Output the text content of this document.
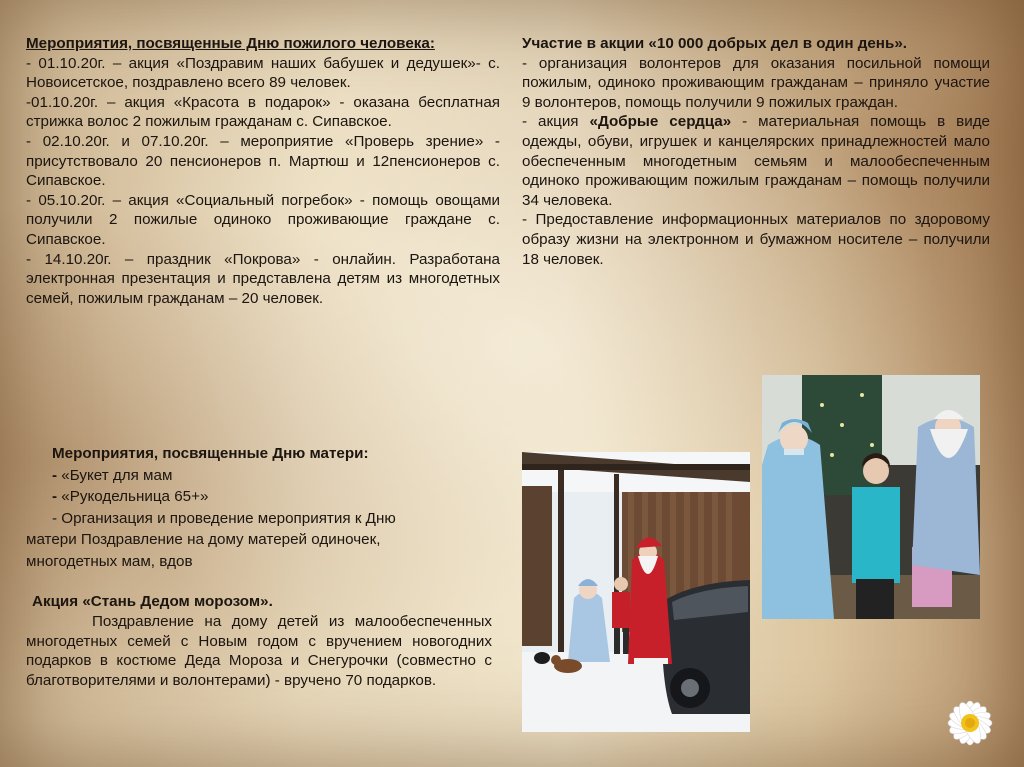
Мероприятия, посвященные Дню пожилого человека:

- 01.10.20г. – акция «Поздравим наших бабушек и дедушек»- с. Новоисетское, поздравлено всего 89 человек.

-01.10.20г. – акция «Красота в подарок» - оказана бесплатная стрижка волос 2 пожилым гражданам с. Сипавское.

- 02.10.20г. и 07.10.20г. – мероприятие «Проверь зрение» - присутствовало 20 пенсионеров п. Мартюш и 12пенсионеров с. Сипавское.

- 05.10.20г. – акция «Социальный погребок» - помощь овощами получили 2 пожилые одиноко проживающие граждане с. Сипавское.

- 14.10.20г. – праздник «Покрова» - онлайин. Разработана электронная презентация и представлена детям из многодетных семей, пожилым гражданам – 20 человек.

Мероприятия, посвященные Дню матери:
- «Букет для мам
- «Рукодельница 65+»
- Организация и проведение мероприятия к Дню
матери Поздравление на дому матерей одиночек,
многодетных мам, вдов
Акция «Стань Дедом морозом».

Поздравление на дому детей из малообеспеченных многодетных семей с Новым годом с вручением новогодних подарков в костюме Деда Мороза и Снегурочки (совместно с благотворителями и волонтерами) - вручено 70 подарков.

Участие в акции «10 000 добрых дел в один день».

- организация волонтеров для оказания посильной помощи пожилым, одиноко проживающим гражданам – приняло участие 9 волонтеров, помощь получили 9 пожилых граждан.

- акция «Добрые сердца» - материальная помощь в виде одежды, обуви, игрушек и канцелярских принадлежностей мало обеспеченным многодетным семьям и малообеспеченным одиноко проживающим пожилым гражданам – помощь получили 34 человека.

- Предоставление информационных материалов по здоровому образу жизни на электронном и бумажном носителе – получили 18 человек.
